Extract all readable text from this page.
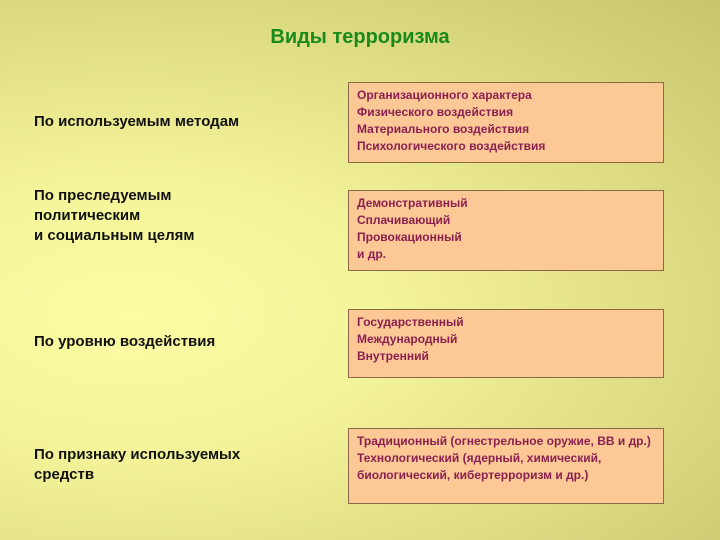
Виды терроризма
По используемым методам
Организационного характера
Физического воздействия
Материального воздействия
Психологического воздействия
По преследуемым
политическим
и социальным целям
Демонстративный
Сплачивающий
Провокационный
и др.
По уровню воздействия
Государственный
Международный
Внутренний
По признаку используемых
средств
Традиционный (огнестрельное оружие, ВВ и др.)
Технологический (ядерный, химический, биологический, кибертерроризм и др.)
